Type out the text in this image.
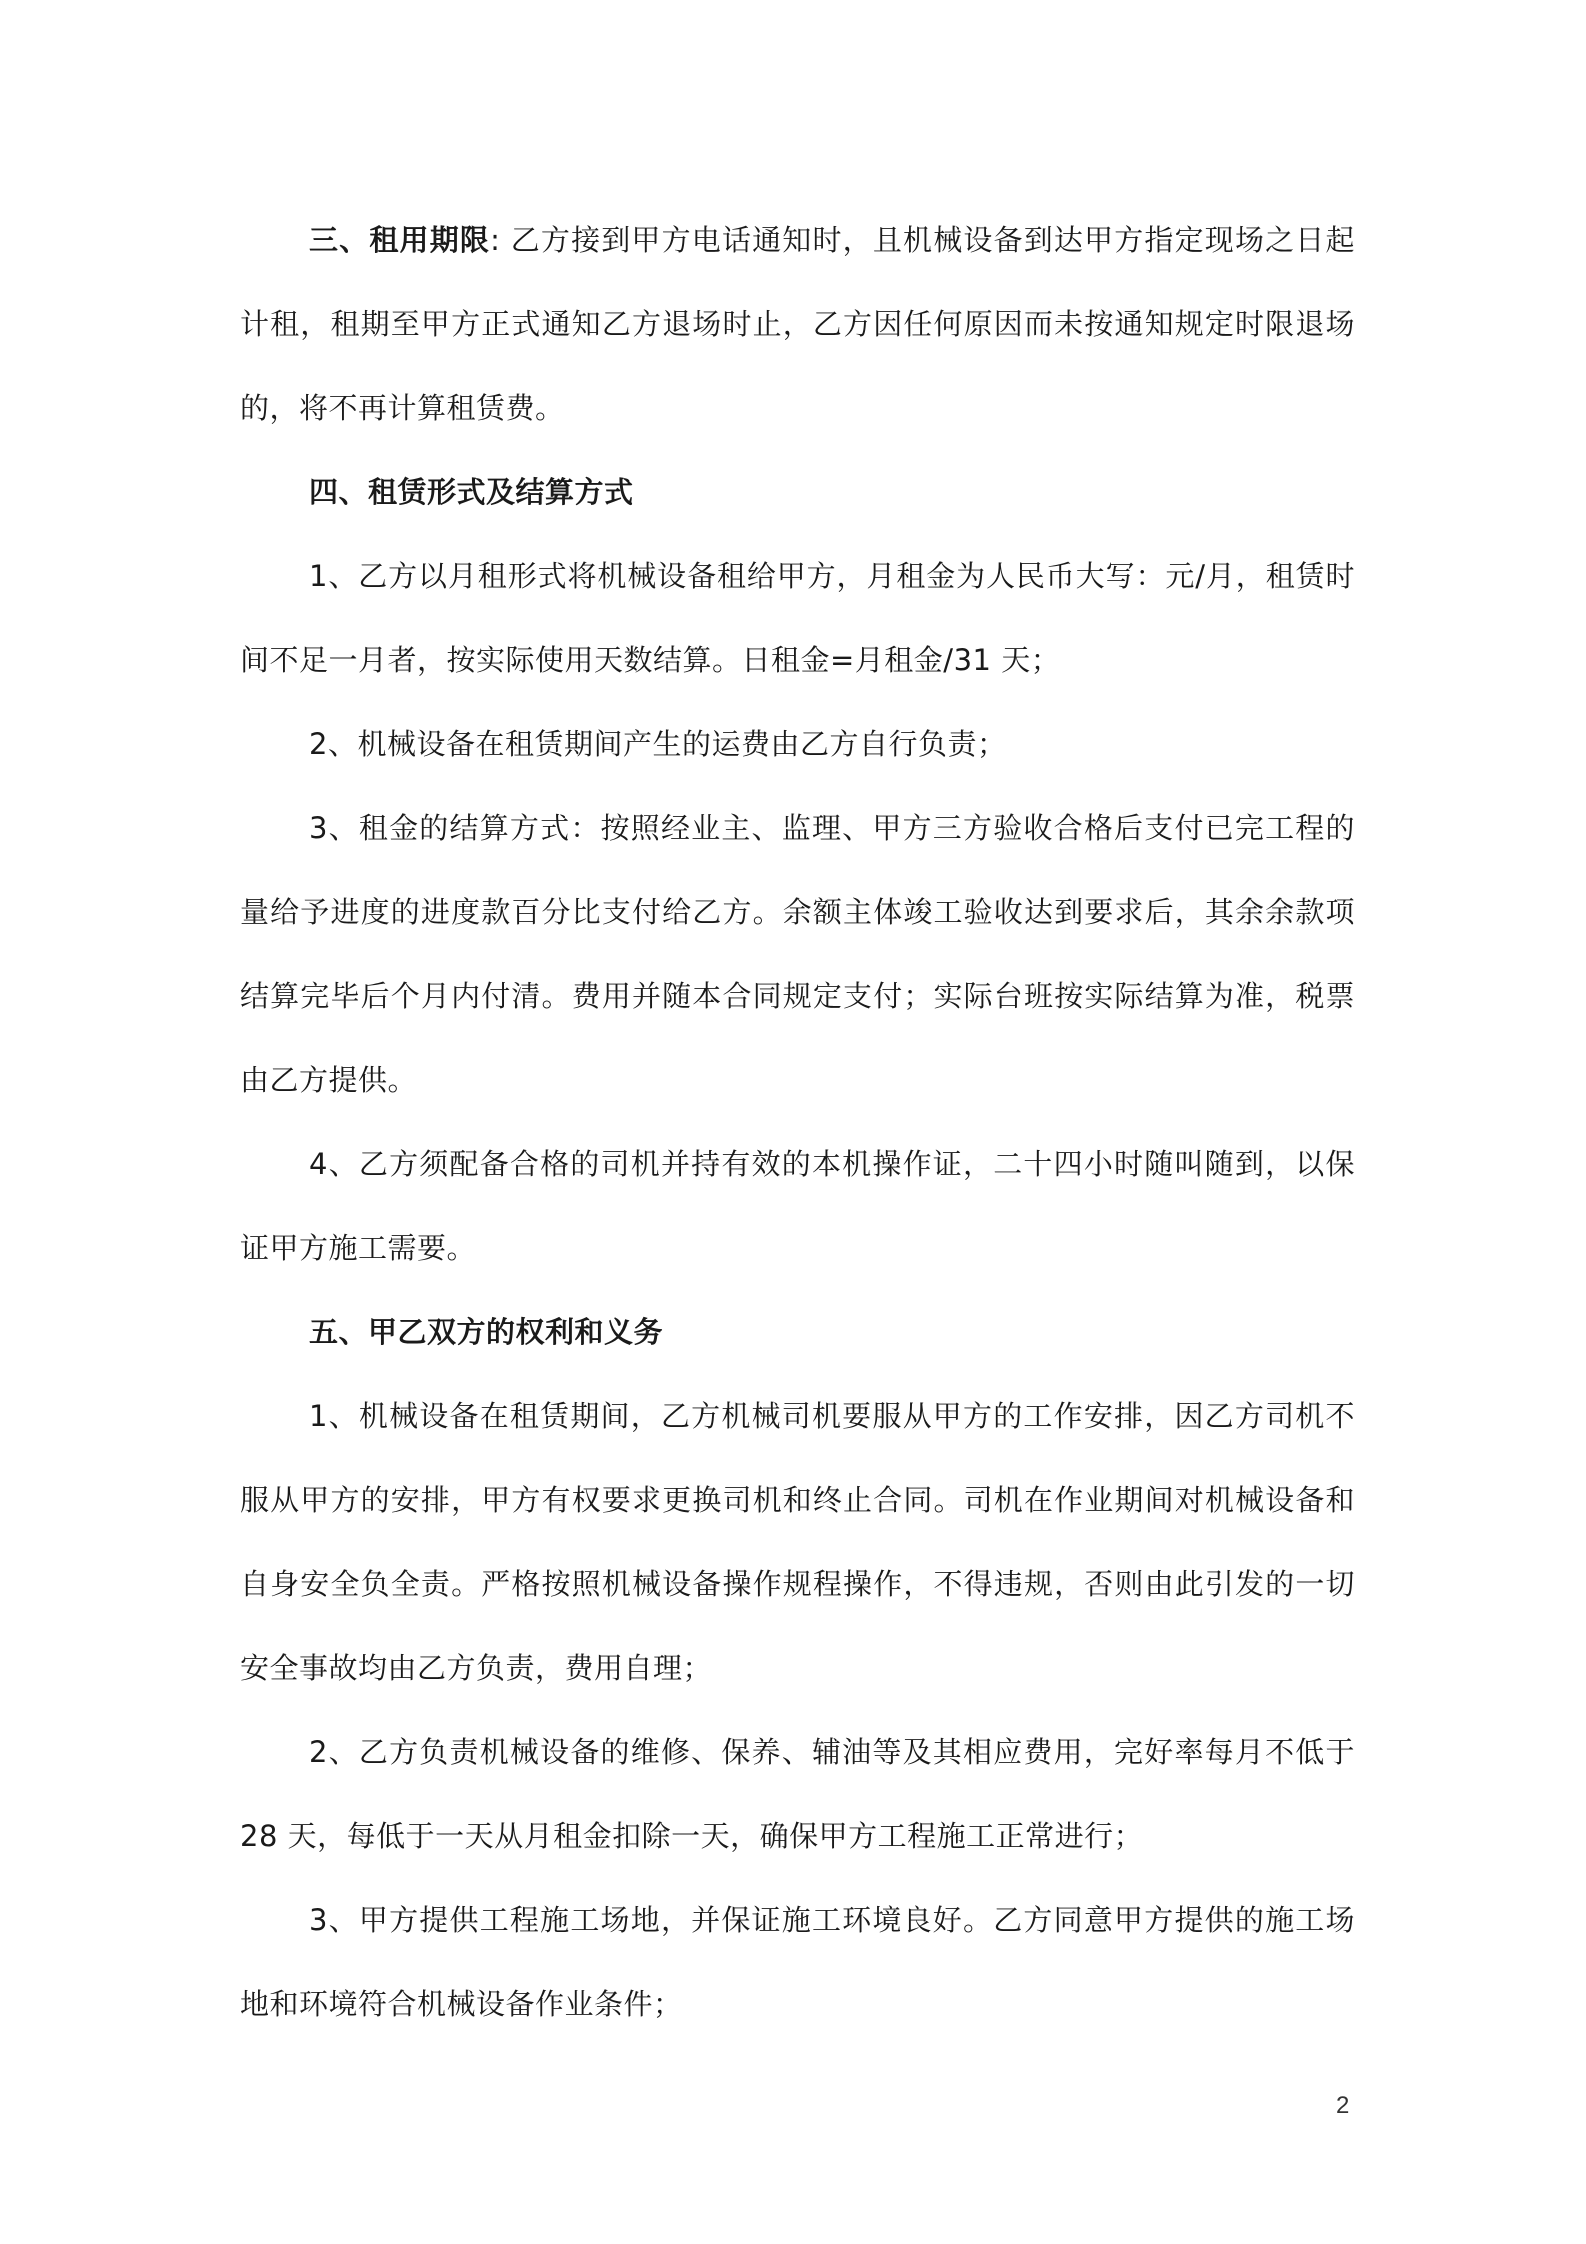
三、租用期限: 乙方接到甲方电话通知时，且机械设备到达甲方指定现场之日起计租，租期至甲方正式通知乙方退场时止，乙方因任何原因而未按通知规定时限退场的，将不再计算租赁费。

四、租赁形式及结算方式

1、乙方以月租形式将机械设备租给甲方，月租金为人民币大写：元/月，租赁时间不足一月者，按实际使用天数结算。日租金=月租金/31 天；

2、机械设备在租赁期间产生的运费由乙方自行负责；

3、租金的结算方式：按照经业主、监理、甲方三方验收合格后支付已完工程的量给予进度的进度款百分比支付给乙方。余额主体竣工验收达到要求后，其余余款项结算完毕后个月内付清。费用并随本合同规定支付；实际台班按实际结算为准，税票由乙方提供。

4、乙方须配备合格的司机并持有效的本机操作证，二十四小时随叫随到，以保证甲方施工需要。

五、甲乙双方的权利和义务

1、机械设备在租赁期间，乙方机械司机要服从甲方的工作安排，因乙方司机不服从甲方的安排，甲方有权要求更换司机和终止合同。司机在作业期间对机械设备和自身安全负全责。严格按照机械设备操作规程操作，不得违规，否则由此引发的一切安全事故均由乙方负责，费用自理；

2、乙方负责机械设备的维修、保养、辅油等及其相应费用，完好率每月不低于 28 天，每低于一天从月租金扣除一天，确保甲方工程施工正常进行；

3、甲方提供工程施工场地，并保证施工环境良好。乙方同意甲方提供的施工场地和环境符合机械设备作业条件；

2
